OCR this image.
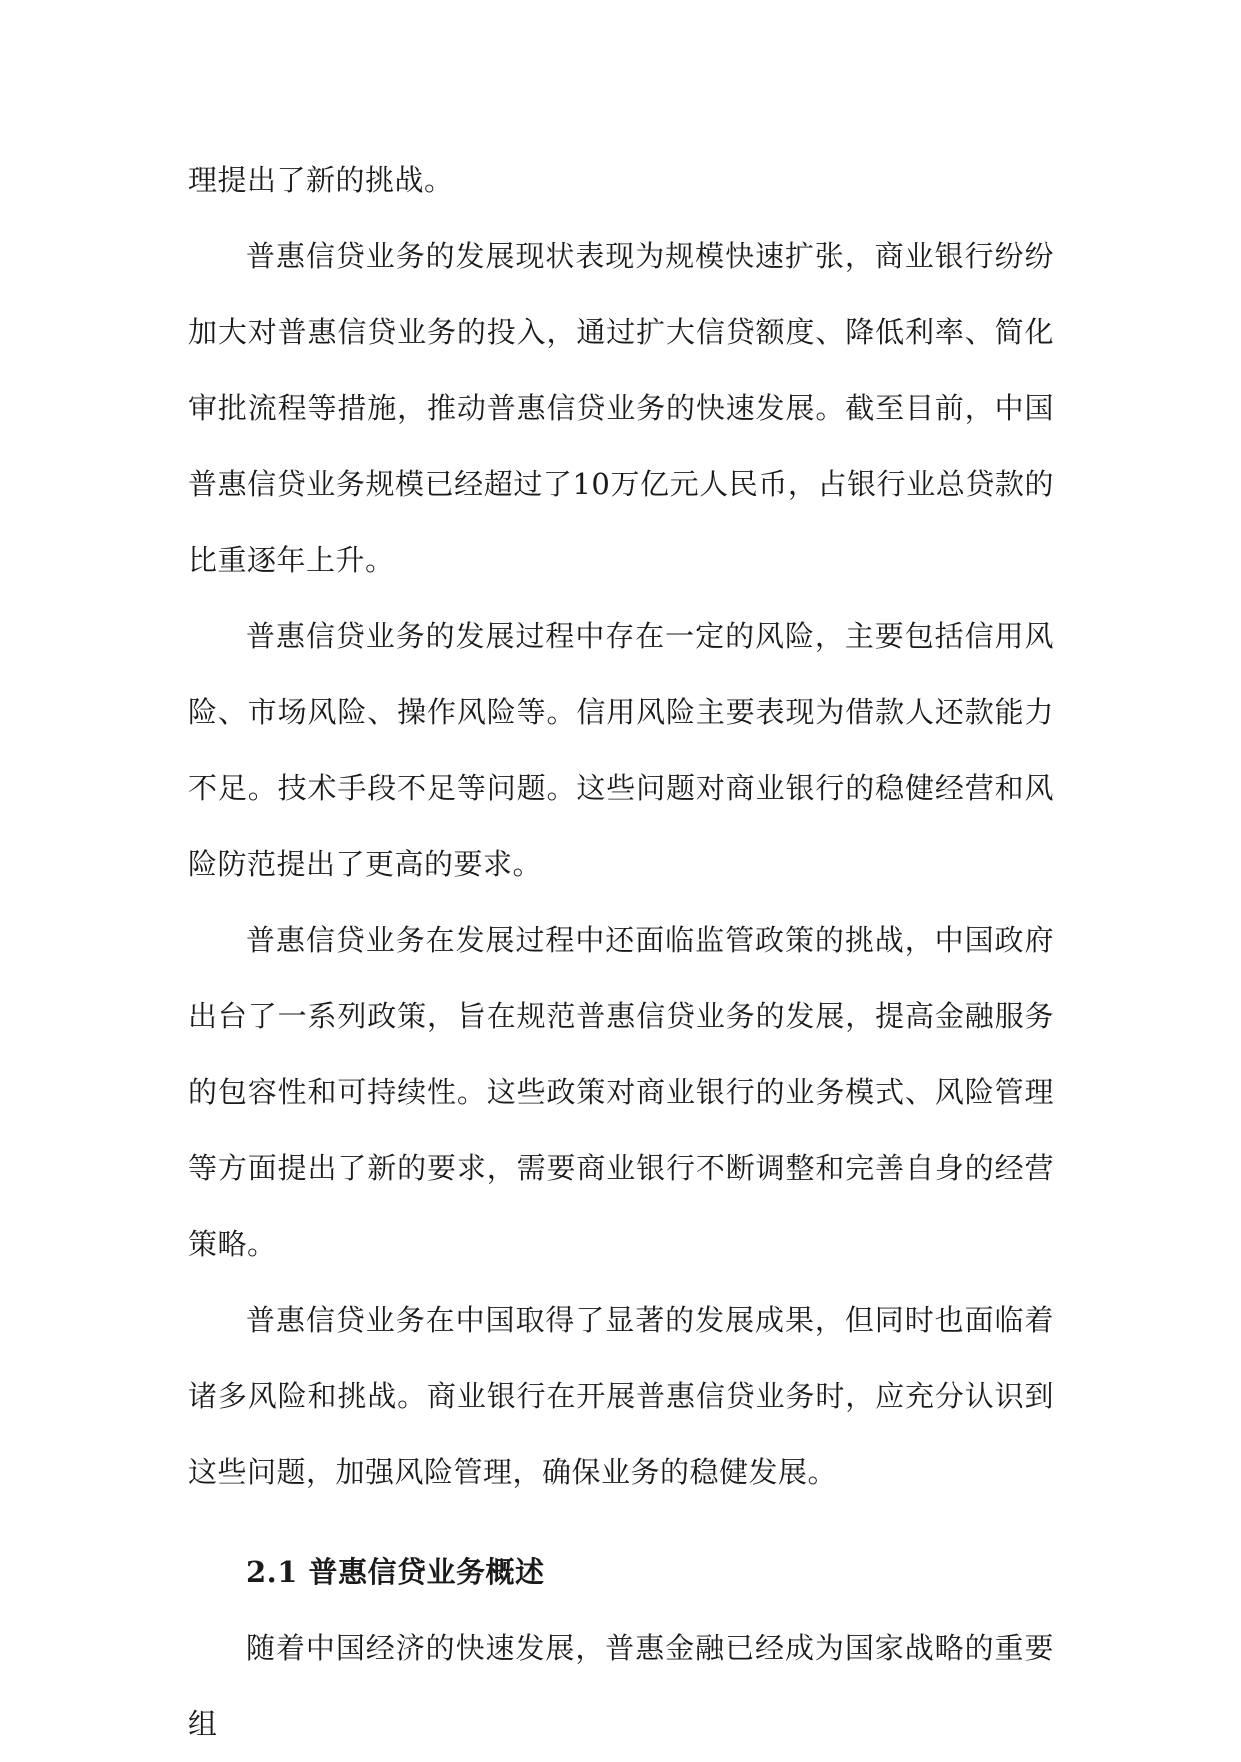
理提出了新的挑战。

普惠信贷业务的发展现状表现为规模快速扩张，商业银行纷纷加大对普惠信贷业务的投入，通过扩大信贷额度、降低利率、简化审批流程等措施，推动普惠信贷业务的快速发展。截至目前，中国普惠信贷业务规模已经超过了10万亿元人民币，占银行业总贷款的比重逐年上升。

普惠信贷业务的发展过程中存在一定的风险，主要包括信用风险、市场风险、操作风险等。信用风险主要表现为借款人还款能力不足。技术手段不足等问题。这些问题对商业银行的稳健经营和风险防范提出了更高的要求。

普惠信贷业务在发展过程中还面临监管政策的挑战，中国政府出台了一系列政策，旨在规范普惠信贷业务的发展，提高金融服务的包容性和可持续性。这些政策对商业银行的业务模式、风险管理等方面提出了新的要求，需要商业银行不断调整和完善自身的经营策略。

普惠信贷业务在中国取得了显著的发展成果，但同时也面临着诸多风险和挑战。商业银行在开展普惠信贷业务时，应充分认识到这些问题，加强风险管理，确保业务的稳健发展。

2.1 普惠信贷业务概述

随着中国经济的快速发展，普惠金融已经成为国家战略的重要组
